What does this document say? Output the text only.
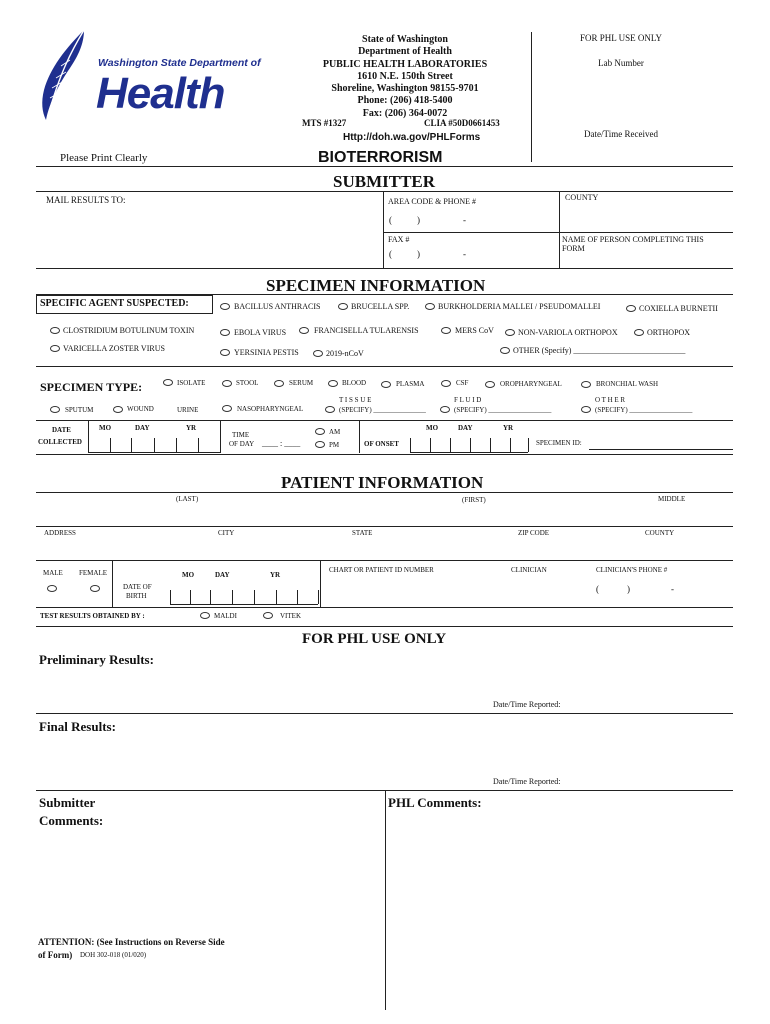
Washington State Department of
Health
State of Washington
Department of Health
PUBLIC HEALTH LABORATORIES
1610 N.E. 150th Street
Shoreline, Washington 98155-9701
Phone: (206) 418-5400
Fax: (206) 364-0072
MTS #1327	CLIA #50D0661453
Http://doh.wa.gov/PHLForms
Please Print Clearly	BIOTERRORISM
FOR PHL USE ONLY
Lab Number
Date/Time Received
SUBMITTER
MAIL RESULTS TO:	AREA CODE & PHONE #
(	)	-
COUNTY
FAX #
(	)	-
NAME OF PERSON COMPLETING THIS
FORM
SPECIMEN INFORMATION
SPECIFIC AGENT SUSPECTED:	BACILLUS ANTHRACIS	BRUCELLA SPP.	BURKHOLDERIA MALLEI / PSEUDOMALLEI	COXIELLA BURNETII
CLOSTRIDIUM BOTULINUM TOXIN	EBOLA VIRUS	FRANCISELLA TULARENSIS	MERS CoV	NON-VARIOLA ORTHOPOX	ORTHOPOX
VARICELLA ZOSTER VIRUS	YERSINIA PESTIS	2019-nCoV	OTHER (Specify) ____________________________
SPECIMEN TYPE:	ISOLATE	STOOL	SERUM	BLOOD	PLASMA	CSF	OROPHARYNGEAL	BRONCHIAL WASH
SPUTUM	WOUND	URINE	NASOPHARYNGEAL
T I S S U E
(SPECIFY) _______________
F L U I D
(SPECIFY) __________________
O T H E R
(SPECIFY) __________________
DATE
COLLECTED
MO	DAY	YR
TIME
OF DAY ____ : ____
AM
PM	OF ONSET
MO	DAY	YR
SPECIMEN ID:
PATIENT INFORMATION
(LAST)	(FIRST)	MIDDLE
ADDRESS	CITY	STATE	ZIP CODE	COUNTY
MALE FEMALE	MO	DAY	YR
DATE OF
BIRTH
CHART OR PATIENT ID NUMBER	CLINICIAN	CLINICIAN'S PHONE #
(	)	-
TEST RESULTS OBTAINED BY :	MALDI	VITEK
FOR PHL USE ONLY
Preliminary Results:
Date/Time Reported:
Final Results:
Date/Time Reported:
Submitter
Comments:
PHL Comments:
ATTENTION: (See Instructions on Reverse Side
of Form) DOH 302-018 (01/020)
